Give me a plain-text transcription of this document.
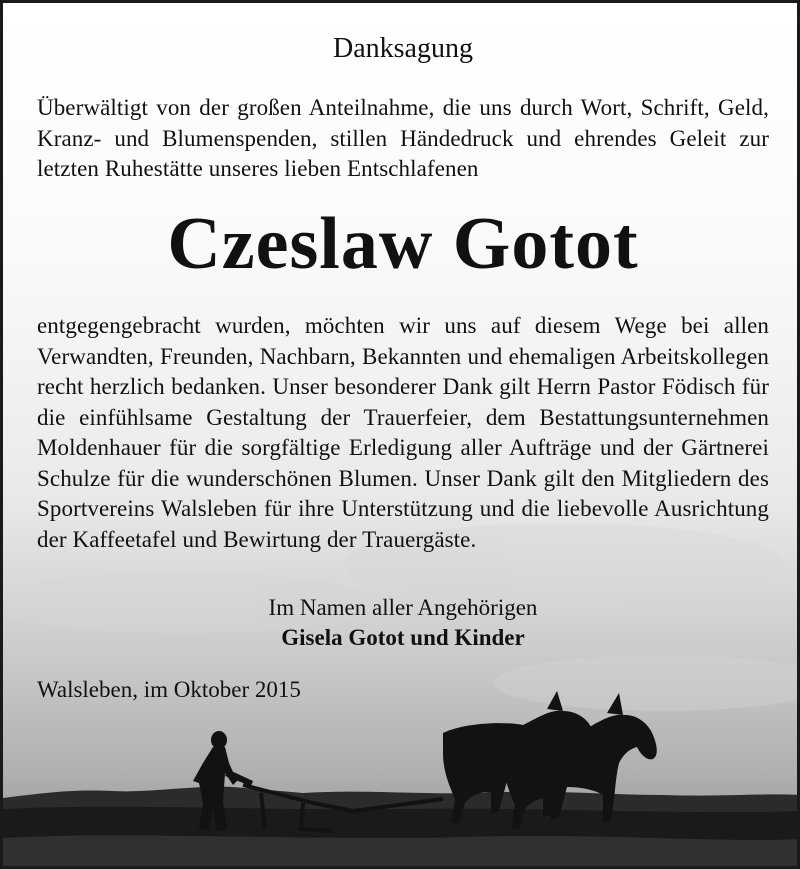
Danksagung
Überwältigt von der großen Anteilnahme, die uns durch Wort, Schrift, Geld, Kranz- und Blumenspenden, stillen Händedruck und ehrendes Geleit zur letzten Ruhestätte unseres lieben Entschlafenen
Czeslaw Gotot
entgegengebracht wurden, möchten wir uns auf diesem Wege bei allen Verwandten, Freunden, Nachbarn, Bekannten und ehemaligen Arbeitskollegen recht herzlich bedanken. Unser besonderer Dank gilt Herrn Pastor Födisch für die einfühlsame Gestaltung der Trauerfeier, dem Bestattungsunternehmen Moldenhauer für die sorgfältige Erledigung aller Aufträge und der Gärtnerei Schulze für die wunderschönen Blumen. Unser Dank gilt den Mitgliedern des Sportvereins Walsleben für ihre Unterstützung und die liebevolle Ausrichtung der Kaffeetafel und Bewirtung der Trauergäste.
Im Namen aller Angehörigen
Gisela Gotot und Kinder
Walsleben, im Oktober 2015
